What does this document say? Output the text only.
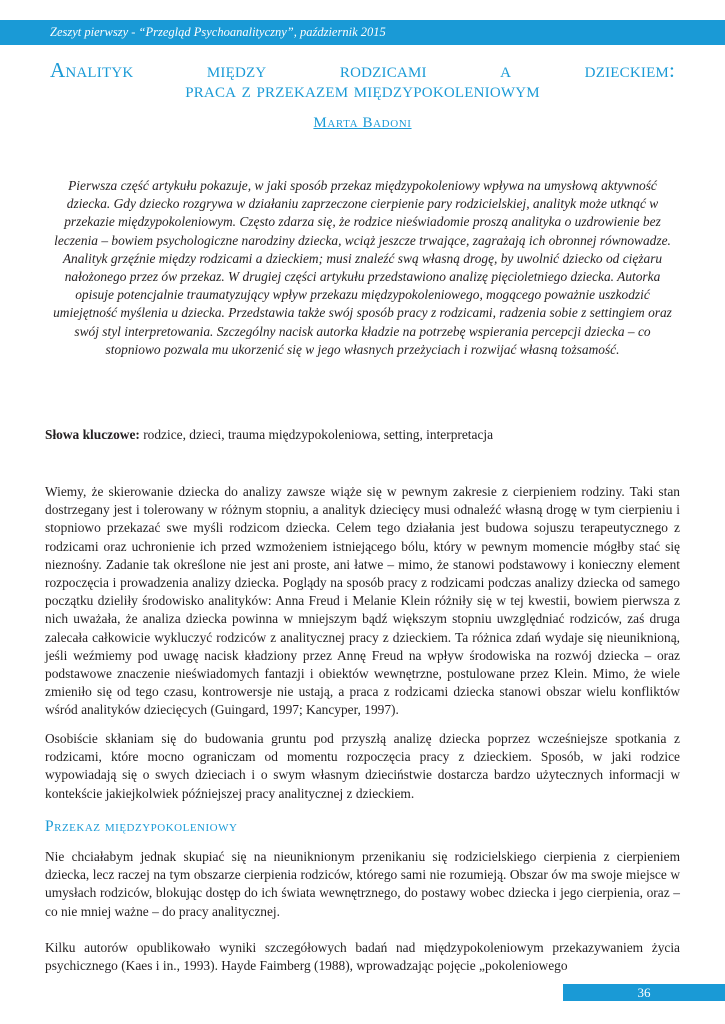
Zeszyt pierwszy - “Przegląd Psychoanalityczny”, październik 2015
Analityk między rodzicami a dzieckiem:
praca z przekazem międzypokoleniowym
Marta Badoni

Pierwsza część artykułu pokazuje, w jaki sposób przekaz międzypokoleniowy wpływa na umysłową aktywność dziecka. Gdy dziecko rozgrywa w działaniu zaprzeczone cierpienie pary rodzicielskiej, analityk może utknąć w przekazie międzypokoleniowym. Często zdarza się, że rodzice nieświadomie proszą analityka o uzdrowienie bez leczenia – bowiem psychologiczne narodziny dziecka, wciąż jeszcze trwające, zagrażają ich obronnej równowadze. Analityk grzęźnie między rodzicami a dzieckiem; musi znaleźć swą własną drogę, by uwolnić dziecko od ciężaru nałożonego przez ów przekaz. W drugiej części artykułu przedstawiono analizę pięcioletniego dziecka. Autorka opisuje potencjalnie traumatyzujący wpływ przekazu międzypokoleniowego, mogącego poważnie uszkodzić umiejętność myślenia u dziecka. Przedstawia także swój sposób pracy z rodzicami, radzenia sobie z settingiem oraz swój styl interpretowania. Szczególny nacisk autorka kładzie na potrzebę wspierania percepcji dziecka – co stopniowo pozwala mu ukorzenić się w jego własnych przeżyciach i rozwijać własną tożsamość.

Słowa kluczowe: rodzice, dzieci, trauma międzypokoleniowa, setting, interpretacja

Wiemy, że skierowanie dziecka do analizy zawsze wiąże się w pewnym zakresie z cierpieniem rodziny. Taki stan dostrzegany jest i tolerowany w różnym stopniu, a analityk dziecięcy musi odnaleźć własną drogę w tym cierpieniu i stopniowo przekazać swe myśli rodzicom dziecka. Celem tego działania jest budowa sojuszu terapeutycznego z rodzicami oraz uchronienie ich przed wzmożeniem istniejącego bólu, który w pewnym momencie mógłby stać się nieznośny. Zadanie tak określone nie jest ani proste, ani łatwe – mimo, że stanowi podstawowy i konieczny element rozpoczęcia i prowadzenia analizy dziecka. Poglądy na sposób pracy z rodzicami podczas analizy dziecka od samego początku dzieliły środowisko analityków: Anna Freud i Melanie Klein różniły się w tej kwestii, bowiem pierwsza z nich uważała, że analiza dziecka powinna w mniejszym bądź większym stopniu uwzględniać rodziców, zaś druga zalecała całkowicie wykluczyć rodziców z analitycznej pracy z dzieckiem. Ta różnica zdań wydaje się nieuniknioną, jeśli weźmiemy pod uwagę nacisk kładziony przez Annę Freud na wpływ środowiska na rozwój dziecka – oraz podstawowe znaczenie nieświadomych fantazji i obiektów wewnętrzne, postulowane przez Klein. Mimo, że wiele zmieniło się od tego czasu, kontrowersje nie ustają, a praca z rodzicami dziecka stanowi obszar wielu konfliktów wśród analityków dziecięcych (Guingard, 1997; Kancyper, 1997).

Osobiście skłaniam się do budowania gruntu pod przyszłą analizę dziecka poprzez wcześniejsze spotkania z rodzicami, które mocno ograniczam od momentu rozpoczęcia pracy z dzieckiem. Sposób, w jaki rodzice wypowiadają się o swych dzieciach i o swym własnym dzieciństwie dostarcza bardzo użytecznych informacji w kontekście jakiejkolwiek późniejszej pracy analitycznej z dzieckiem.

Przekaz międzypokoleniowy

Nie chciałabym jednak skupiać się na nieuniknionym przenikaniu się rodzicielskiego cierpienia z cierpieniem dziecka, lecz raczej na tym obszarze cierpienia rodziców, którego sami nie rozumieją. Obszar ów ma swoje miejsce w umysłach rodziców, blokując dostęp do ich świata wewnętrznego, do postawy wobec dziecka i jego cierpienia, oraz – co nie mniej ważne – do pracy analitycznej.

Kilku autorów opublikowało wyniki szczegółowych badań nad międzypokoleniowym przekazywaniem życia psychicznego (Kaes i in., 1993). Hayde Faimberg (1988), wprowadzając pojęcie „pokoleniowego

36
